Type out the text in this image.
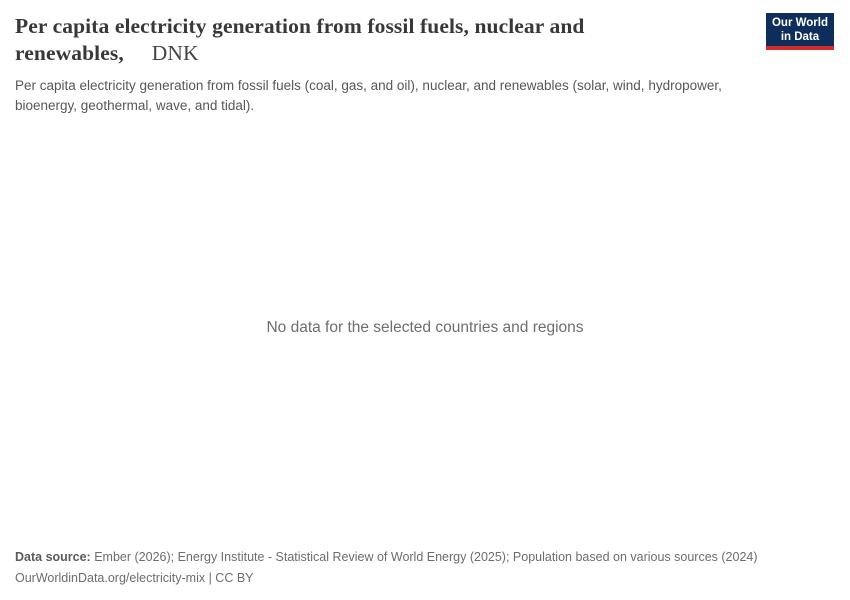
Per capita electricity generation from fossil fuels, nuclear and
renewables, DNK

Per capita electricity generation from fossil fuels (coal, gas, and oil), nuclear, and renewables (solar, wind, hydropower, bioenergy, geothermal, wave, and tidal).

Our World
in Data
No data for the selected countries and regions
Data source: Ember (2026); Energy Institute - Statistical Review of World Energy (2025); Population based on various sources (2024)
OurWorldinData.org/electricity-mix | CC BY
